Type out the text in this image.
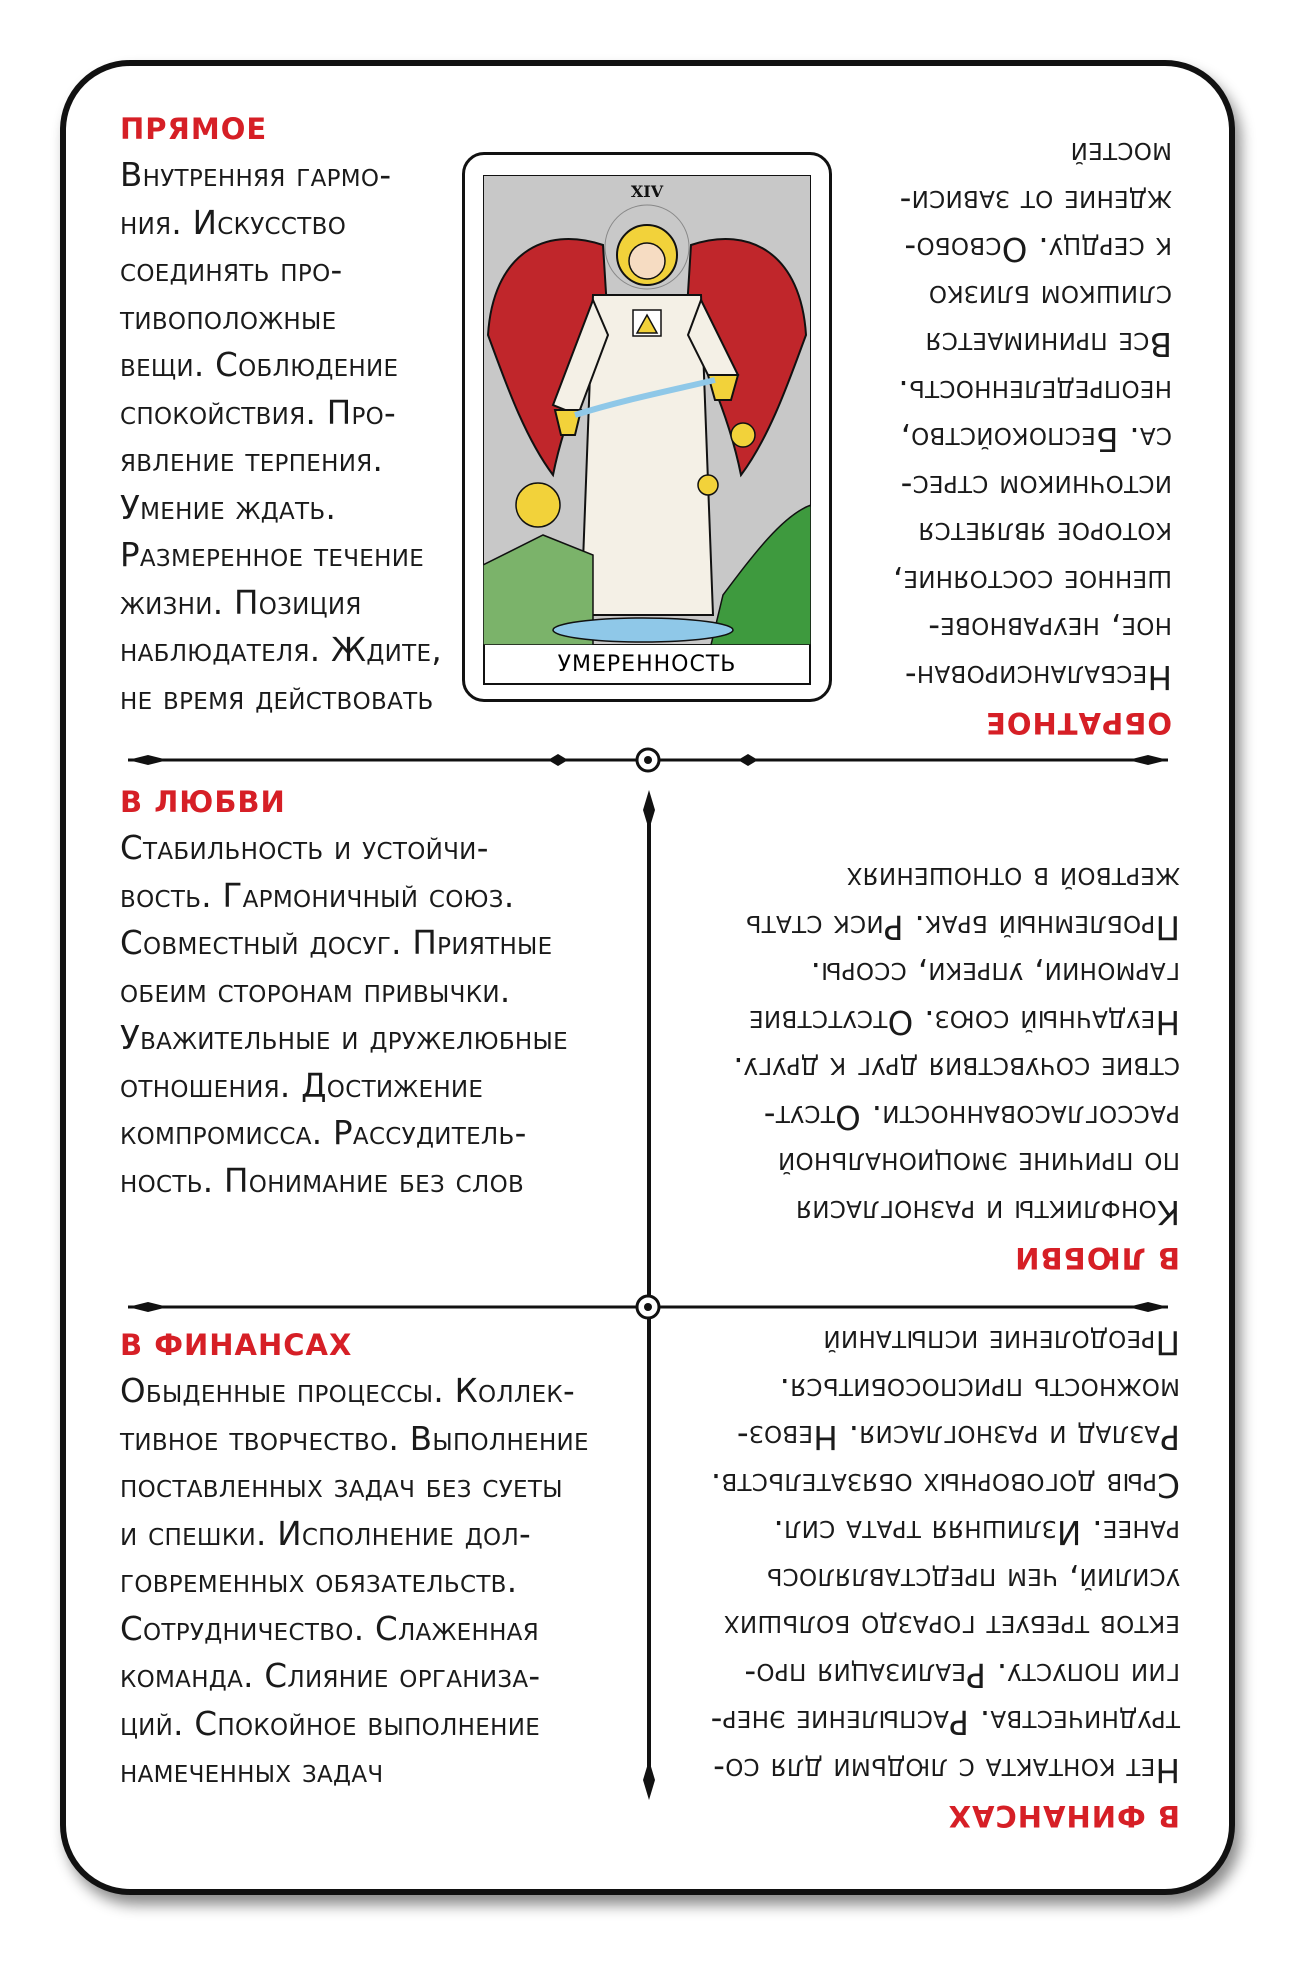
ПРЯМОЕ

Внутренняя гармо-
ния. Искусство
соединять про-
тивоположные
вещи. Соблюдение
спокойствия. Про-
явление терпения.
Умение ждать.
Размеренное течение
жизни. Позиция
наблюдателя. Ждите,
не время действовать

XIV
УМЕРЕННОСТЬ
ОБРАТНОЕ

Несбалансирован-
ное, неуравнове-
шенное состояние,
которое является
источником стрес-
са. Беспокойство,
неопределенность.
Все принимается
слишком близко
к сердцу. Освобо-
ждение от зависи-
мостей

В ЛЮБВИ

Стабильность и устойчи-
вость. Гармоничный союз.
Совместный досуг. Приятные
обеим сторонам привычки.
Уважительные и дружелюбные
отношения. Достижение
компромисса. Рассудитель-
ность. Понимание без слов

В ЛЮБВИ

Конфликты и разногласия
по причине эмоциональной
рассогласованности. Отсут-
ствие сочувствия друг к другу.
Неудачный союз. Отсутствие
гармонии, упреки, ссоры.
Проблемный брак. Риск стать
жертвой в отношениях

В ФИНАНСАХ

Обыденные процессы. Коллек-
тивное творчество. Выполнение
поставленных задач без суеты
и спешки. Исполнение дол-
говременных обязательств.
Сотрудничество. Слаженная
команда. Слияние организа-
ций. Спокойное выполнение
намеченных задач

В ФИНАНСАХ

Нет контакта с людьми для со-
трудничества. Распыление энер-
гии попусту. Реализация про-
ектов требует гораздо больших
усилий, чем представлялось
ранее. Излишняя трата сил.
Срыв договорных обязательств.
Разлад и разногласия. Невоз-
можность приспособиться.
Преодоление испытаний
